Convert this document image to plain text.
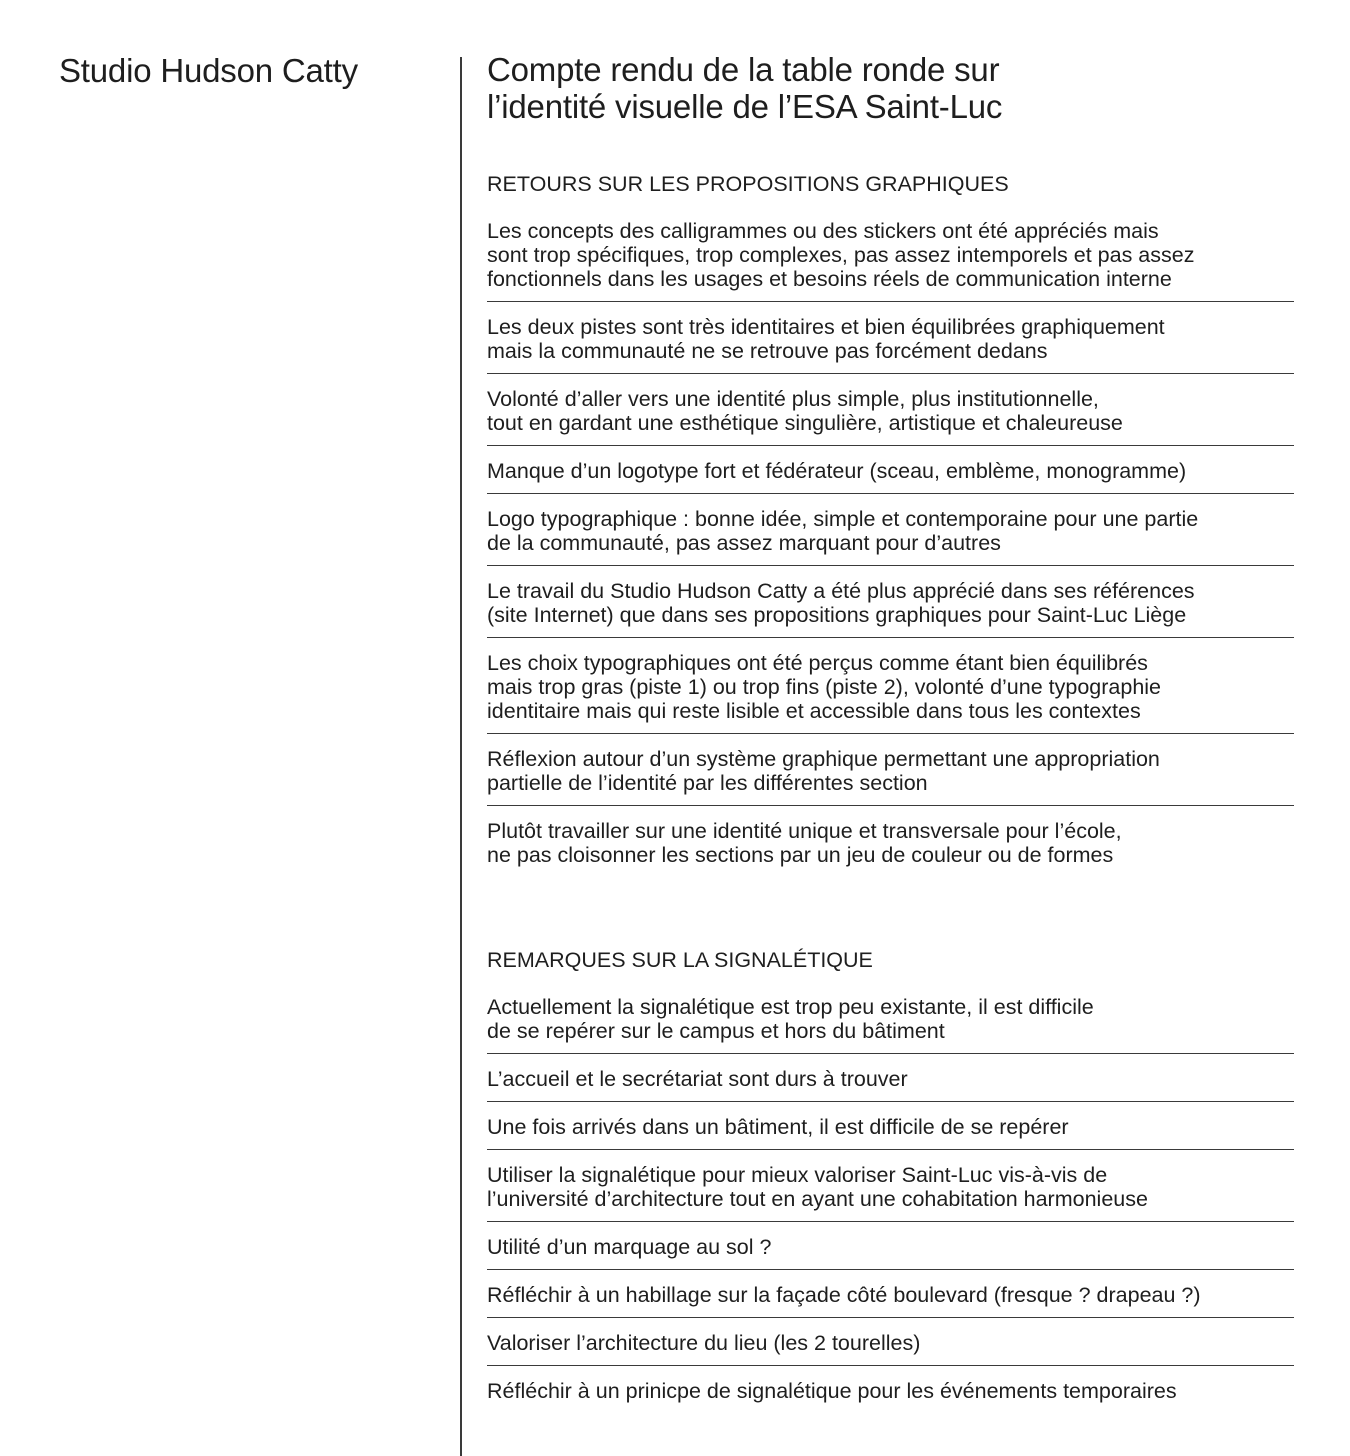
Studio Hudson Catty	Compte rendu de la table ronde sur
l’identité visuelle de l’ESA Saint-Luc
RETOURS SUR LES PROPOSITIONS GRAPHIQUES
Les concepts des calligrammes ou des stickers ont été appréciés mais
sont trop spécifiques, trop complexes, pas assez intemporels et pas assez
fonctionnels dans les usages et besoins réels de communication interne
Les deux pistes sont très identitaires et bien équilibrées graphiquement
mais la communauté ne se retrouve pas forcément dedans
Volonté d’aller vers une identité plus simple, plus institutionnelle,
tout en gardant une esthétique singulière, artistique et chaleureuse
Manque d’un logotype fort et fédérateur (sceau, emblème, monogramme)
Logo typographique : bonne idée, simple et contemporaine pour une partie
de la communauté, pas assez marquant pour d’autres
Le travail du Studio Hudson Catty a été plus apprécié dans ses références
(site Internet) que dans ses propositions graphiques pour Saint-Luc Liège
Les choix typographiques ont été perçus comme étant bien équilibrés
mais trop gras (piste 1) ou trop fins (piste 2), volonté d’une typographie
identitaire mais qui reste lisible et accessible dans tous les contextes
Réflexion autour d’un système graphique permettant une appropriation
partielle de l’identité par les différentes section
Plutôt travailler sur une identité unique et transversale pour l’école,
ne pas cloisonner les sections par un jeu de couleur ou de formes
REMARQUES SUR LA SIGNALÉTIQUE
Actuellement la signalétique est trop peu existante, il est difficile
de se repérer sur le campus et hors du bâtiment
L’accueil et le secrétariat sont durs à trouver
Une fois arrivés dans un bâtiment, il est difficile de se repérer
Utiliser la signalétique pour mieux valoriser Saint-Luc vis-à-vis de
l’université d’architecture tout en ayant une cohabitation harmonieuse
Utilité d’un marquage au sol ?
Réfléchir à un habillage sur la façade côté boulevard (fresque ? drapeau ?)
Valoriser l’architecture du lieu (les 2 tourelles)
Réfléchir à un prinicpe de signalétique pour les événements temporaires
